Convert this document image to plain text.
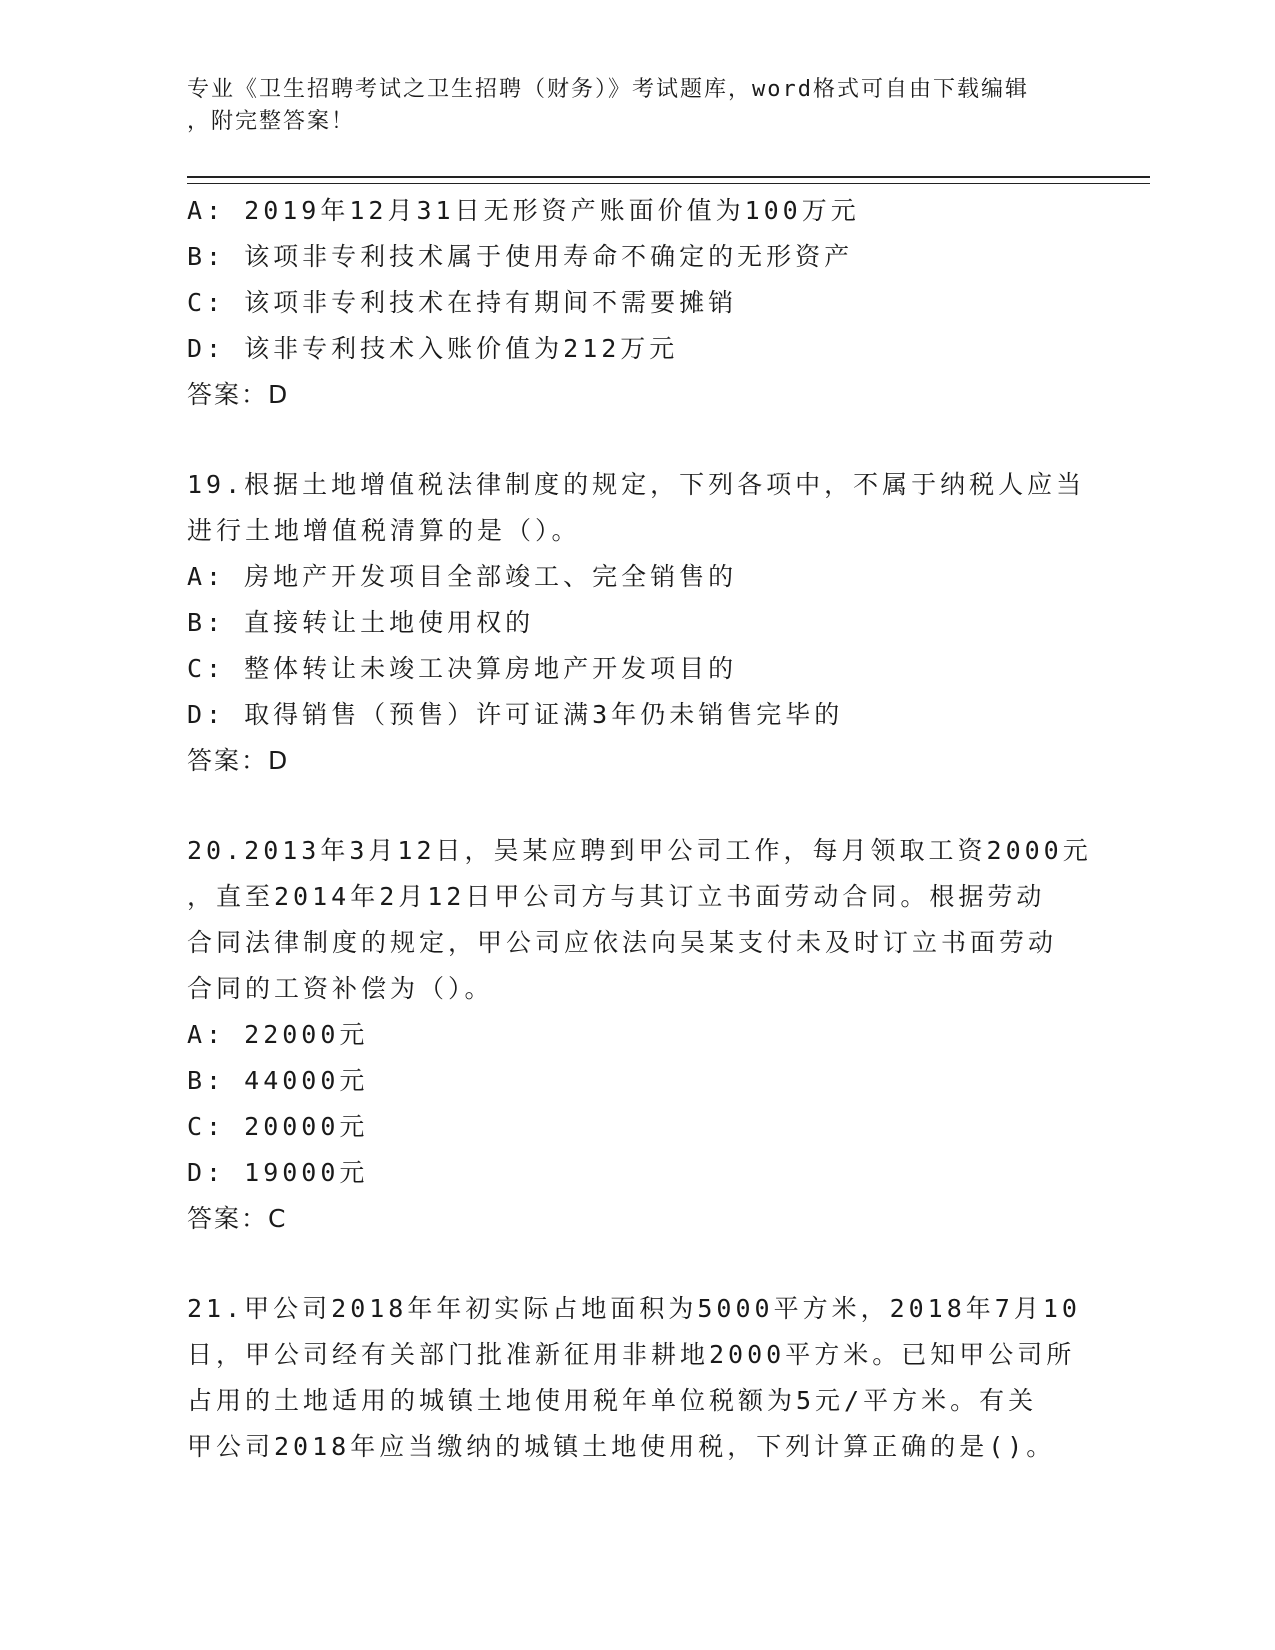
专业《卫生招聘考试之卫生招聘（财务）》考试题库，word格式可自由下载编辑
，附完整答案！
A: 2019年12月31日无形资产账面价值为100万元
B: 该项非专利技术属于使用寿命不确定的无形资产
C: 该项非专利技术在持有期间不需要摊销
D: 该非专利技术入账价值为212万元
答案：D
19.根据土地增值税法律制度的规定，下列各项中，不属于纳税人应当
进行土地增值税清算的是（）。
A: 房地产开发项目全部竣工、完全销售的
B: 直接转让土地使用权的
C: 整体转让未竣工决算房地产开发项目的
D: 取得销售（预售）许可证满3年仍未销售完毕的
答案：D
20.2013年3月12日，吴某应聘到甲公司工作，每月领取工资2000元
，直至2014年2月12日甲公司方与其订立书面劳动合同。根据劳动
合同法律制度的规定，甲公司应依法向吴某支付未及时订立书面劳动
合同的工资补偿为（）。
A: 22000元
B: 44000元
C: 20000元
D: 19000元
答案：C
21.甲公司2018年年初实际占地面积为5000平方米，2018年7月10
日，甲公司经有关部门批准新征用非耕地2000平方米。已知甲公司所
占用的土地适用的城镇土地使用税年单位税额为5元/平方米。有关
甲公司2018年应当缴纳的城镇土地使用税，下列计算正确的是()。
